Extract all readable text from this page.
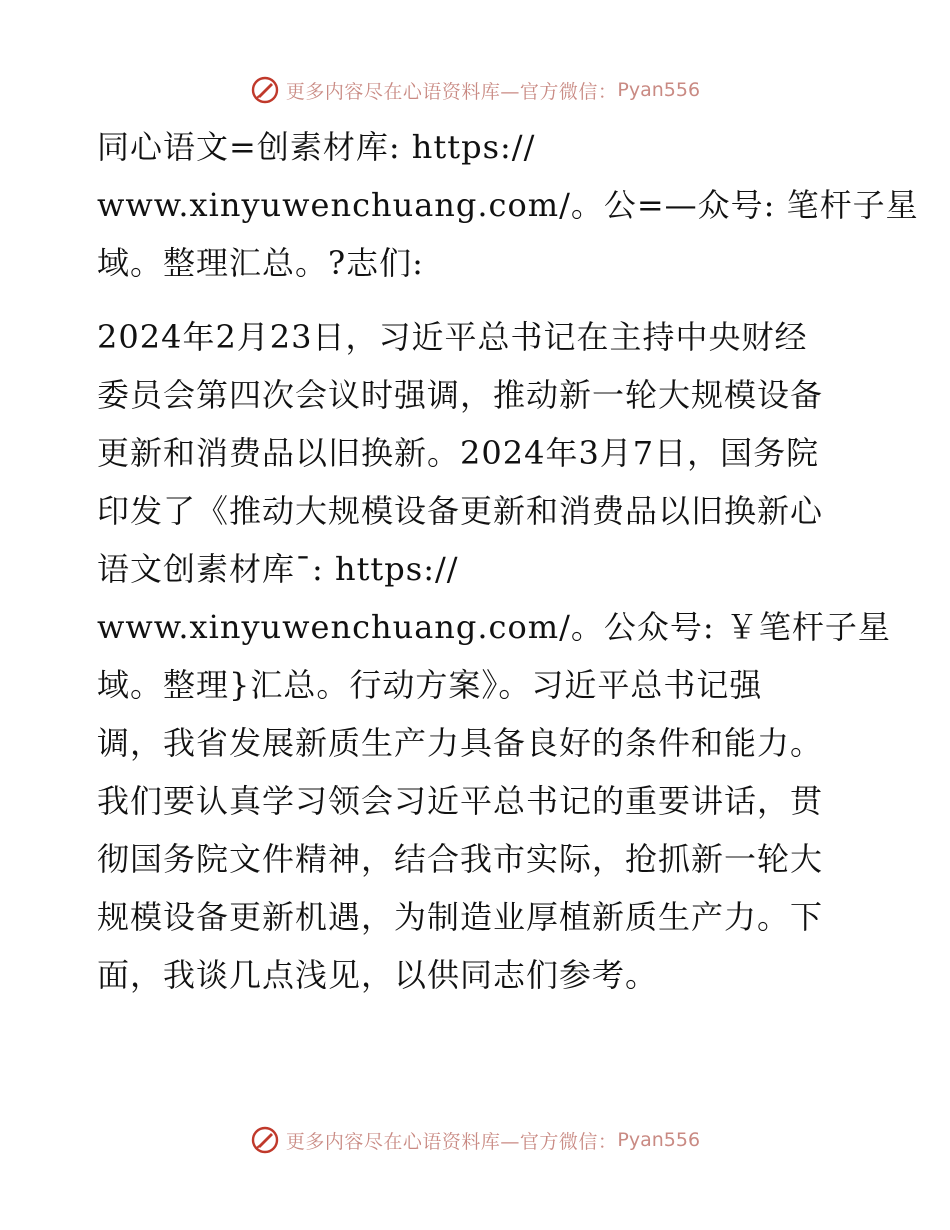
更多内容尽在心语资料库—官方微信： Pyan556
同心语文=创素材库: https://
www.xinyuwenchuang.com/。公=—众号: 笔杆子星
域。整理汇总。?志们:
2024年2月23日，习近平总书记在主持中央财经
委员会第四次会议时强调，推动新一轮大规模设备
更新和消费品以旧换新。2024年3月7日，国务院
印发了《推动大规模设备更新和消费品以旧换新心
语文创素材库¯: https://
www.xinyuwenchuang.com/。公众号: ￥笔杆子星
域。整理}汇总。行动方案》。习近平总书记强
调，我省发展新质生产力具备良好的条件和能力。
我们要认真学习领会习近平总书记的重要讲话，贯
彻国务院文件精神，结合我市实际，抢抓新一轮大
规模设备更新机遇，为制造业厚植新质生产力。下
面，我谈几点浅见，以供同志们参考。
更多内容尽在心语资料库—官方微信： Pyan556
